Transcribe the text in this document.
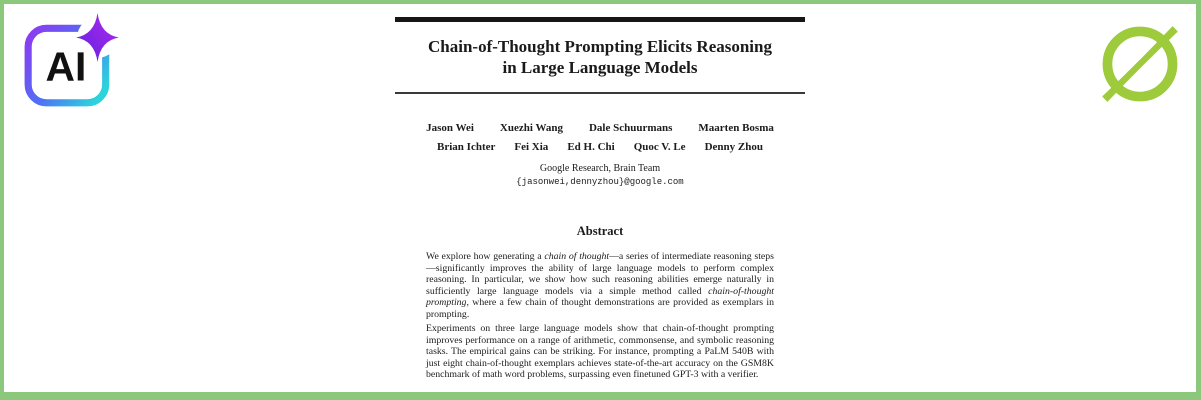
AI	Chain-of-Thought Prompting Elicits Reasoning
in Large Language Models
Jason Wei Xuezhi Wang Dale Schuurmans Maarten Bosma
Brian Ichter Fei Xia Ed H. Chi Quoc V. Le Denny Zhou
Google Research, Brain Team
{jasonwei,dennyzhou}@google.com
Abstract

We explore how generating a chain of thought—a series of intermediate reasoning steps—significantly improves the ability of large language models to perform complex reasoning. In particular, we show how such reasoning abilities emerge naturally in sufficiently large language models via a simple method called chain-of-thought prompting, where a few chain of thought demonstrations are provided as exemplars in prompting.

Experiments on three large language models show that chain-of-thought prompting improves performance on a range of arithmetic, commonsense, and symbolic reasoning tasks. The empirical gains can be striking. For instance, prompting a PaLM 540B with just eight chain-of-thought exemplars achieves state-of-the-art accuracy on the GSM8K benchmark of math word problems, surpassing even finetuned GPT-3 with a verifier.
